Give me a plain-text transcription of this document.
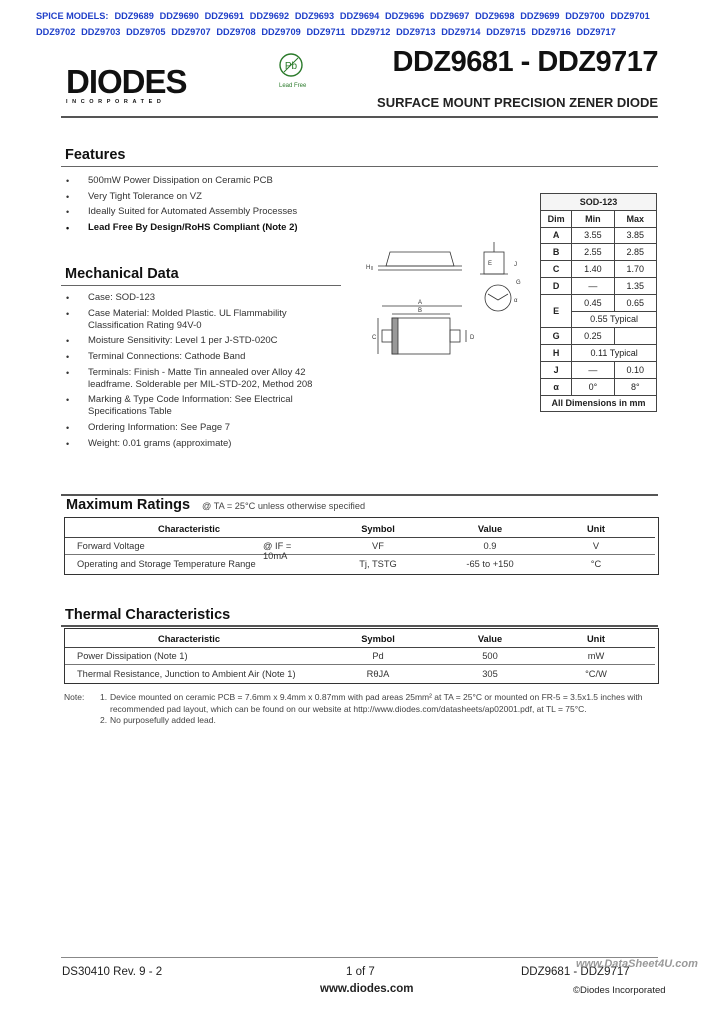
SPICE MODELS: DDZ9689 DDZ9690 DDZ9691 DDZ9692 DDZ9693 DDZ9694 DDZ9696 DDZ9697 DDZ9698 DDZ9699 DDZ9700 DDZ9701 DDZ9702 DDZ9703 DDZ9705 DDZ9707 DDZ9708 DDZ9709 DDZ9711 DDZ9712 DDZ9713 DDZ9714 DDZ9715 DDZ9716 DDZ9717
DIODES
INCORPORATED
Pb
Lead Free
DDZ9681 - DDZ9717
SURFACE MOUNT PRECISION ZENER DIODE
Features
• 500mW Power Dissipation on Ceramic PCB
• Very Tight Tolerance on VZ
• Ideally Suited for Automated Assembly Processes
• Lead Free By Design/RoHS Compliant (Note 2)
Mechanical Data
• Case: SOD-123
• Case Material: Molded Plastic. UL Flammability Classification Rating 94V-0
• Moisture Sensitivity: Level 1 per J-STD-020C
• Terminal Connections: Cathode Band
• Terminals: Finish - Matte Tin annealed over Alloy 42 leadframe. Solderable per MIL-STD-202, Method 208
• Marking & Type Code Information: See Electrical Specifications Table
• Ordering Information: See Page 7
• Weight: 0.01 grams (approximate)
H
E	J
α
G
A
B
C	D
SOD-123		
Dim	Min	Max
A	3.55	3.85
B	2.55	2.85
C	1.40	1.70
D	—	1.35
E	0.45	0.65
	0.55 Typical	
G	0.25	
H	0.11 Typical	
J	—	0.10
α	0°	8°
All Dimensions in mm		
Maximum Ratings @ TA = 25°C unless otherwise specified
Characteristic	Symbol	Value	Unit
Forward Voltage @ IF = 10mA	VF	0.9	V
Operating and Storage Temperature Range	Tj, TSTG	-65 to +150	°C
Thermal Characteristics
Characteristic	Symbol	Value	Unit
Power Dissipation (Note 1)	Pd	500	mW
Thermal Resistance, Junction to Ambient Air (Note 1)	RθJA	305	°C/W
Note:	1. Device mounted on ceramic PCB = 7.6mm x 9.4mm x 0.87mm with pad areas 25mm² at TA = 25°C or mounted on FR-5 = 3.5x1.5 inches with recommended pad layout, which can be found on our website at http://www.diodes.com/datasheets/ap02001.pdf, at TL = 75°C.
2. No purposefully added lead.
DS30410 Rev. 9 - 2	1 of 7
www.diodes.com
DDZ9681 - DDZ9717
©Diodes Incorporated
www.DataSheet4U.com
